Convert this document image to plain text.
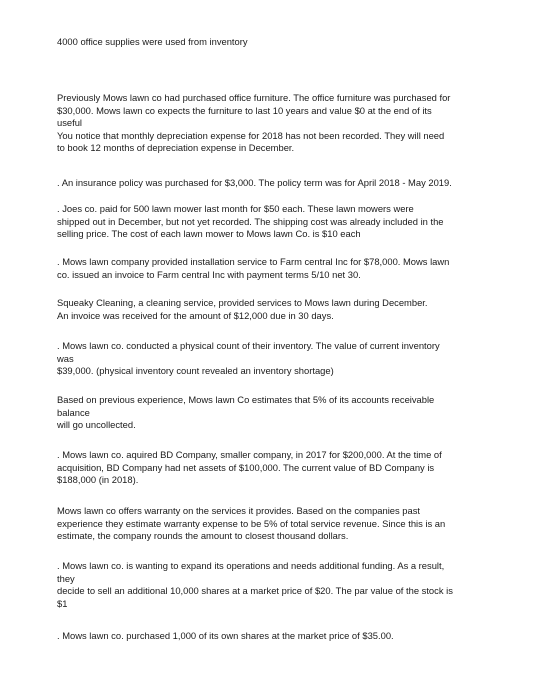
4000 office supplies were used from inventory
Previously Mows lawn co had purchased office furniture. The office furniture was purchased for
$30,000. Mows lawn co expects the furniture to last 10 years and value $0 at the end of its
useful
You notice that monthly depreciation expense for 2018 has not been recorded. They will need
to book 12 months of depreciation expense in December.
. An insurance policy was purchased for $3,000. The policy term was for April 2018 - May 2019.
. Joes co. paid for 500 lawn mower last month for $50 each. These lawn mowers were
shipped out in December, but not yet recorded. The shipping cost was already included in the
selling price. The cost of each lawn mower to Mows lawn Co. is $10 each
. Mows lawn company provided installation service to Farm central Inc for $78,000. Mows lawn
co. issued an invoice to Farm central Inc with payment terms 5/10 net 30.
Squeaky Cleaning, a cleaning service, provided services to Mows lawn during December.
An invoice was received for the amount of $12,000 due in 30 days.
. Mows lawn co. conducted a physical count of their inventory. The value of current inventory
was
$39,000. (physical inventory count revealed an inventory shortage)
Based on previous experience, Mows lawn Co estimates that 5% of its accounts receivable
balance
will go uncollected.
. Mows lawn co. aquired BD Company, smaller company, in 2017 for $200,000. At the time of
acquisition, BD Company had net assets of $100,000. The current value of BD Company is
$188,000 (in 2018).
Mows lawn co offers warranty on the services it provides. Based on the companies past
experience they estimate warranty expense to be 5% of total service revenue. Since this is an
estimate, the company rounds the amount to closest thousand dollars.
. Mows lawn co. is wanting to expand its operations and needs additional funding. As a result,
they
decide to sell an additional 10,000 shares at a market price of $20. The par value of the stock is
$1
. Mows lawn co. purchased 1,000 of its own shares at the market price of $35.00.
